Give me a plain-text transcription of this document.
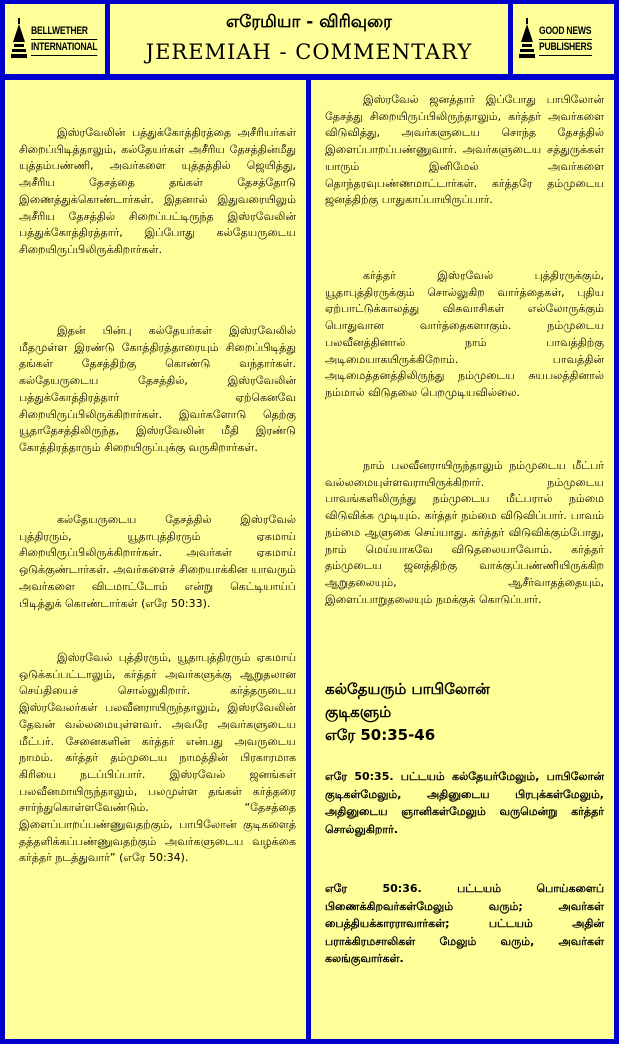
BELLWETHER
INTERNATIONAL
எரேமியா - விரிவுரை
JEREMIAH - COMMENTARY
GOOD NEWS
PUBLISHERS

இஸ்ரவேலின் பத்துக்கோத்திரத்தை அசீரியர்கள் சிறைப்பிடித்தாலும், கல்தேயர்கள் அசீரிய தேசத்தின்மீது யுத்தம்பண்ணி, அவர்களை யுத்தத்தில் ஜெயித்து, அசீரிய தேசத்தை தங்கள் தேசத்தோடு இணைத்துக்கொண்டார்கள். இதனால் இதுவரையிலும் அசீரிய தேசத்தில் சிறைப்பட்டிருந்த இஸ்ரவேலின் பத்துக்கோத்திரத்தார், இப்போது கல்தேயருடைய சிறையிருப்பிலிருக்கிறார்கள்.

இதன் பின்பு கல்தேயர்கள் இஸ்ரவேலில் மீதமுள்ள இரண்டு கோத்திரத்தாரையும் சிறைப்பிடித்து தங்கள் தேசத்திற்கு கொண்டு வந்தார்கள். கல்தேயருடைய தேசத்தில், இஸ்ரவேலின் பத்துக்கோத்திரத்தார் ஏற்கெனவே சிறையிருப்பிலிருக்கிறார்கள். இவர்களோடு தெற்கு யூதாதேசத்திலிருந்த, இஸ்ரவேலின் மீதி இரண்டு கோத்திரத்தாரும் சிறையிருப்புக்கு வருகிறார்கள்.

கல்தேயருடைய தேசத்தில் இஸ்ரவேல் புத்திரரும், யூதாபுத்திரரும் ஏகமாய் சிறையிருப்பிலிருக்கிறார்கள். அவர்கள் ஏகமாய் ஒடுக்குண்டார்கள். அவர்களைச் சிறையாக்கின யாவரும் அவர்களை விடமாட்டோம் என்று கெட்டியாய்ப் பிடித்துக் கொண்டார்கள் (எரே 50:33).

இஸ்ரவேல் புத்திரரும், யூதாபுத்திரரும் ஏகமாய் ஒடுக்கப்பட்டாலும், கர்த்தர் அவர்களுக்கு ஆறுதலான செய்தியைச் சொல்லுகிறார். கர்த்தருடைய இஸ்ரவேலர்கள் பலவீனராயிருந்தாலும், இஸ்ரவேலின் தேவன் வல்லமையுள்ளவர். அவரே அவர்களுடைய மீட்பர். சேனைகளின் கர்த்தர் என்பது அவருடைய நாமம். கர்த்தர் தம்முடைய நாமத்தின் பிரகாரமாக கிரியை நடப்பிப்பார். இஸ்ரவேல் ஜனங்கள் பலவீனமாயிருந்தாலும், பலமுள்ள தங்கள் கர்த்தரை சார்ந்துகொள்ளவேண்டும். “தேசத்தை இளைப்பாறப்பண்ணுவதற்கும், பாபிலோன் குடிகளைத் தத்தளிக்கப்பண்ணுவதற்கும் அவர்களுடைய வழக்கை கர்த்தர் நடத்துவார்” (எரே 50:34).

இஸ்ரவேல் ஜனத்தார் இப்போது பாபிலோன் தேசத்து சிறையிருப்பிலிருந்தாலும், கர்த்தர் அவர்களை விடுவித்து, அவர்களுடைய சொந்த தேசத்தில் இளைப்பாறப்பண்ணுவார். அவர்களுடைய சத்துருக்கள் யாரும் இனிமேல் அவர்களை தொந்தரவுபண்ணமாட்டார்கள். கர்த்தரே தம்முடைய ஜனத்திற்கு பாதுகாப்பாயிருப்பார்.

கர்த்தர் இஸ்ரவேல் புத்திரருக்கும், யூதாபுத்திரருக்கும் சொல்லுகிற வார்த்தைகள், புதிய ஏற்பாட்டுக்காலத்து விசுவாசிகள் எல்லோருக்கும் பொதுவான வார்த்தைகளாகும். நம்முடைய பலவீனத்தினால் நாம் பாவத்திற்கு அடிமையாகயிருக்கிறோம். பாவத்தின் அடிமைத்தனத்திலிருந்து நம்முடைய சுயபலத்தினால் நம்மால் விடுதலை பெறமுடியவில்லை.

நாம் பலவீனராயிருந்தாலும் நம்முடைய மீட்பர் வல்லமையுள்ளவராயிருக்கிறார். நம்முடைய பாவங்களிலிருந்து நம்முடைய மீட்பரால் நம்மை விடுவிக்க முடியும். கர்த்தர் நம்மை விடுவிப்பார். பாவம் நம்மை ஆளுகை செய்யாது. கர்த்தர் விடுவிக்கும்போது, நாம் மெய்யாகவே விடுதலையாவோம். கர்த்தர் தம்முடைய ஜனத்திற்கு வாக்குப்பண்ணியிருக்கிற ஆறுதலையும், ஆசீர்வாதத்தையும், இளைப்பாறுதலையும் நமக்குக் கொடுப்பார்.

கல்தேயரும் பாபிலோன்
குடிகளும்
எரே 50:35-46

எரே 50:35. பட்டயம் கல்தேயர்மேலும், பாபிலோன் குடிகள்மேலும், அதினுடைய பிரபுக்கள்மேலும், அதினுடைய ஞானிகள்மேலும் வருமென்று கர்த்தர் சொல்லுகிறார்.

எரே 50:36. பட்டயம் பொய்களைப் பிணைக்கிறவர்கள்மேலும் வரும்; அவர்கள் பைத்தியக்காரராவார்கள்; பட்டயம் அதின் பராக்கிரமசாலிகள் மேலும் வரும், அவர்கள் கலங்குவார்கள்.
